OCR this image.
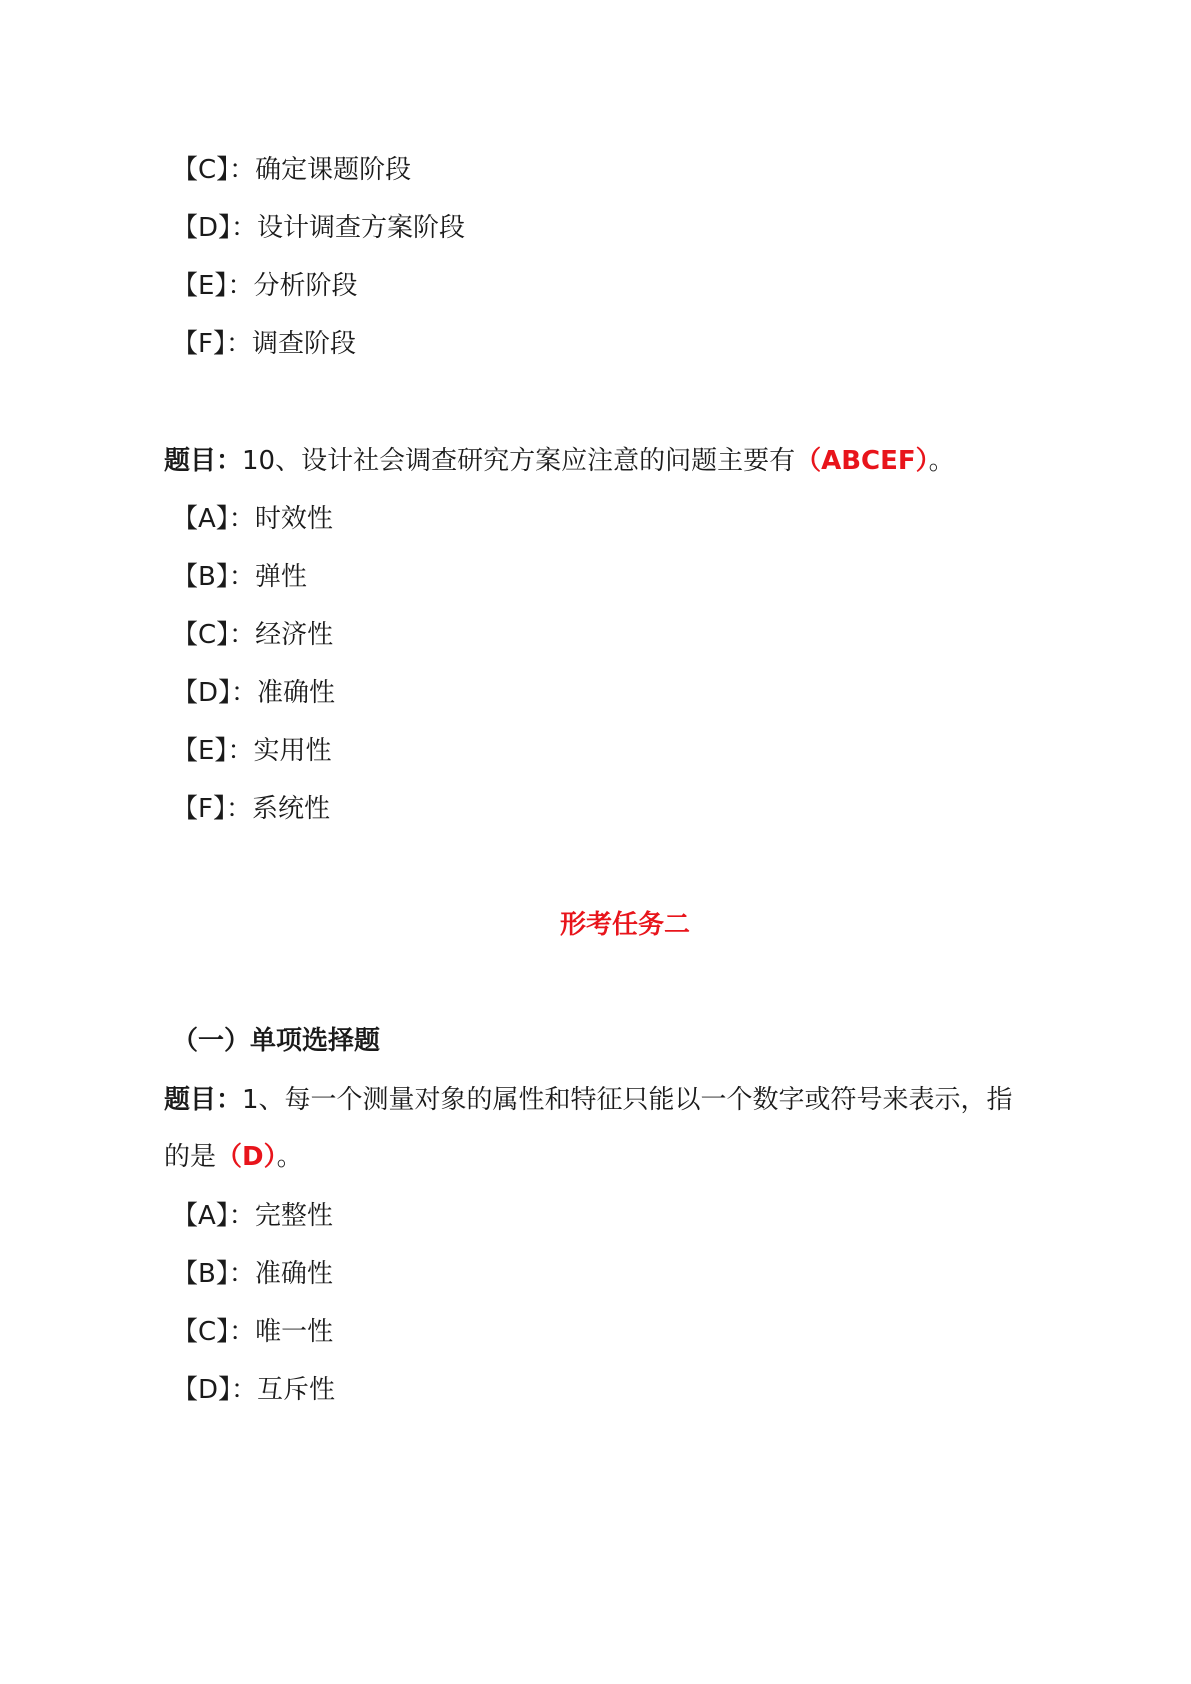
【C】：确定课题阶段
【D】：设计调查方案阶段
【E】：分析阶段
【F】：调查阶段
题目：10、设计社会调查研究方案应注意的问题主要有（ABCEF）。
【A】：时效性
【B】：弹性
【C】：经济性
【D】：准确性
【E】：实用性
【F】：系统性
形考任务二
（一）单项选择题
题目：1、每一个测量对象的属性和特征只能以一个数字或符号来表示，指
的是（D）。
【A】：完整性
【B】：准确性
【C】：唯一性
【D】：互斥性
